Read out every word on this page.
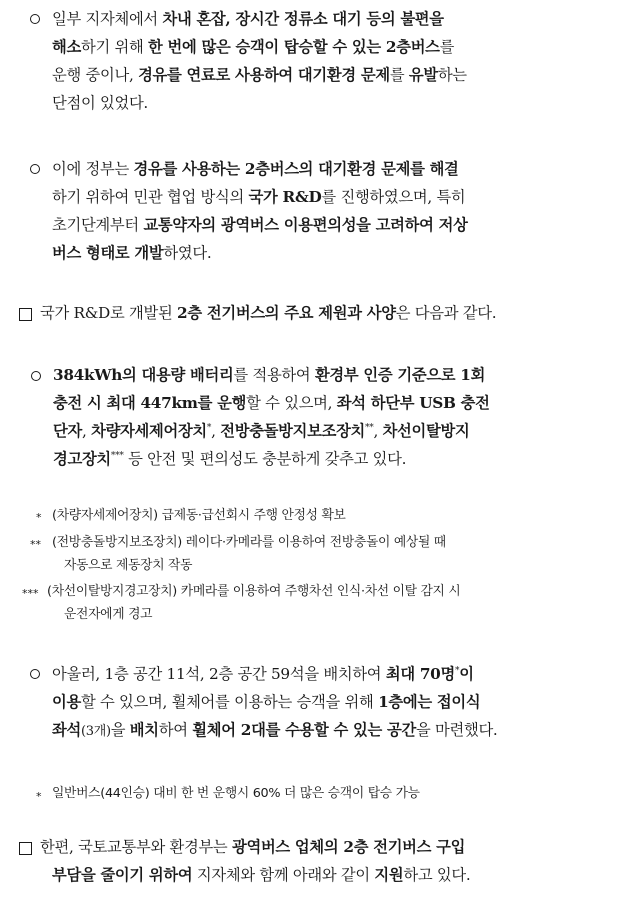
일부 지자체에서 차내 혼잡, 장시간 정류소 대기 등의 불편을
해소하기 위해 한 번에 많은 승객이 탑승할 수 있는 2층버스를
운행 중이나, 경유를 연료로 사용하여 대기환경 문제를 유발하는
단점이 있었다.
이에 정부는 경유를 사용하는 2층버스의 대기환경 문제를 해결
하기 위하여 민관 협업 방식의 국가 R&D를 진행하였으며, 특히
초기단계부터 교통약자의 광역버스 이용편의성을 고려하여 저상
버스 형태로 개발하였다.
국가 R&D로 개발된 2층 전기버스의 주요 제원과 사양은 다음과 같다.
384kWh의 대용량 배터리를 적용하여 환경부 인증 기준으로 1회
충전 시 최대 447km를 운행할 수 있으며, 좌석 하단부 USB 충전
단자, 차량자세제어장치*, 전방충돌방지보조장치**, 차선이탈방지
경고장치*** 등 안전 및 편의성도 충분하게 갖추고 있다.
* (차량자세제어장치) 급제동·급선회시 주행 안정성 확보
** (전방충돌방지보조장치) 레이다·카메라를 이용하여 전방충돌이 예상될 때
자동으로 제동장치 작동
*** (차선이탈방지경고장치) 카메라를 이용하여 주행차선 인식·차선 이탈 감지 시
운전자에게 경고
아울러, 1층 공간 11석, 2층 공간 59석을 배치하여 최대 70명*이
이용할 수 있으며, 휠체어를 이용하는 승객을 위해 1층에는 접이식
좌석(3개)을 배치하여 휠체어 2대를 수용할 수 있는 공간을 마련했다.
* 일반버스(44인승) 대비 한 번 운행시 60% 더 많은 승객이 탑승 가능
한편, 국토교통부와 환경부는 광역버스 업체의 2층 전기버스 구입
부담을 줄이기 위하여 지자체와 함께 아래와 같이 지원하고 있다.
